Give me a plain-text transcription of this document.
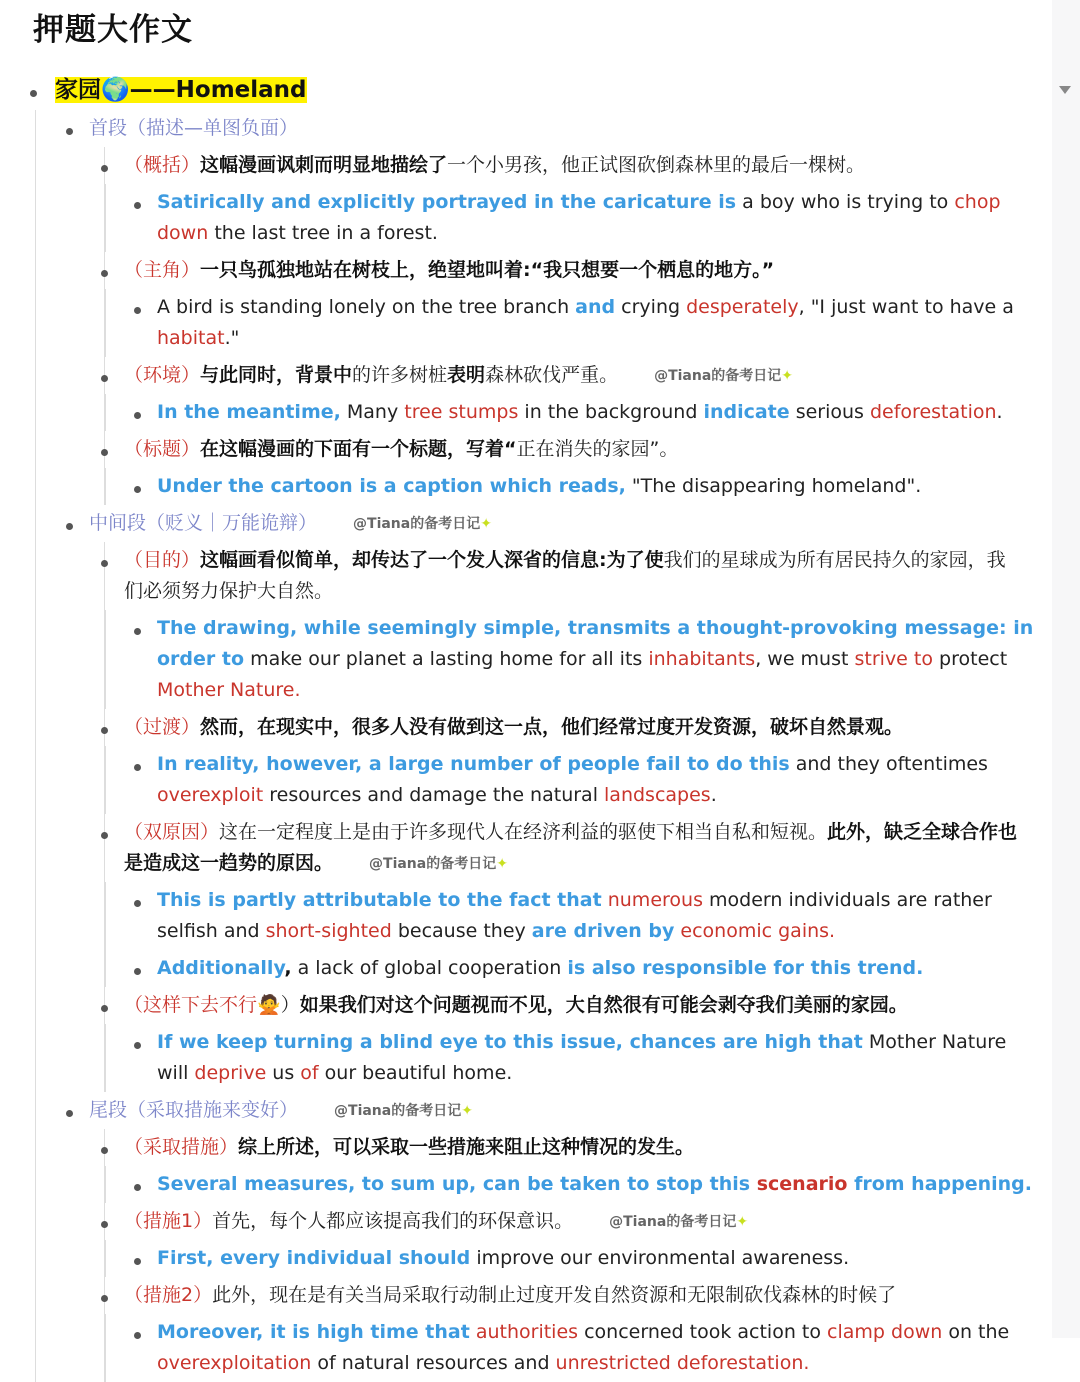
押题大作文
家园🌍——Homeland
首段（描述—单图负面）
（概括）这幅漫画讽刺而明显地描绘了一个小男孩，他正试图砍倒森林里的最后一棵树。
Satirically and explicitly portrayed in the caricature is a boy who is trying to chop down the last tree in a forest.
（主角）一只鸟孤独地站在树枝上，绝望地叫着:“我只想要一个栖息的地方。”
A bird is standing lonely on the tree branch and crying desperately, "I just want to have a habitat."
（环境）与此同时，背景中的许多树桩表明森林砍伐严重。	@Tiana的备考日记✦
In the meantime, Many tree stumps in the background indicate serious deforestation.
（标题）在这幅漫画的下面有一个标题，写着“正在消失的家园”。
Under the cartoon is a caption which reads, "The disappearing homeland".
中间段（贬义｜万能诡辩）	@Tiana的备考日记✦
（目的）这幅画看似简单，却传达了一个发人深省的信息:为了使我们的星球成为所有居民持久的家园，我们必须努力保护大自然。
The drawing, while seemingly simple, transmits a thought-provoking message: in order to make our planet a lasting home for all its inhabitants, we must strive to protect Mother Nature.
（过渡）然而，在现实中，很多人没有做到这一点，他们经常过度开发资源，破坏自然景观。
In reality, however, a large number of people fail to do this and they oftentimes overexploit resources and damage the natural landscapes.
（双原因）这在一定程度上是由于许多现代人在经济利益的驱使下相当自私和短视。此外，缺乏全球合作也是造成这一趋势的原因。	@Tiana的备考日记✦
This is partly attributable to the fact that numerous modern individuals are rather selfish and short-sighted because they are driven by economic gains.
Additionally, a lack of global cooperation is also responsible for this trend.
（这样下去不行🙅）如果我们对这个问题视而不见，大自然很有可能会剥夺我们美丽的家园。
If we keep turning a blind eye to this issue, chances are high that Mother Nature will deprive us of our beautiful home.
尾段（采取措施来变好）	@Tiana的备考日记✦
（采取措施）综上所述，可以采取一些措施来阻止这种情况的发生。
Several measures, to sum up, can be taken to stop this scenario from happening.
（措施1）首先，每个人都应该提高我们的环保意识。	@Tiana的备考日记✦
First, every individual should improve our environmental awareness.
（措施2）此外，现在是有关当局采取行动制止过度开发自然资源和无限制砍伐森林的时候了
Moreover, it is high time that authorities concerned took action to clamp down on the overexploitation of natural resources and unrestricted deforestation.
